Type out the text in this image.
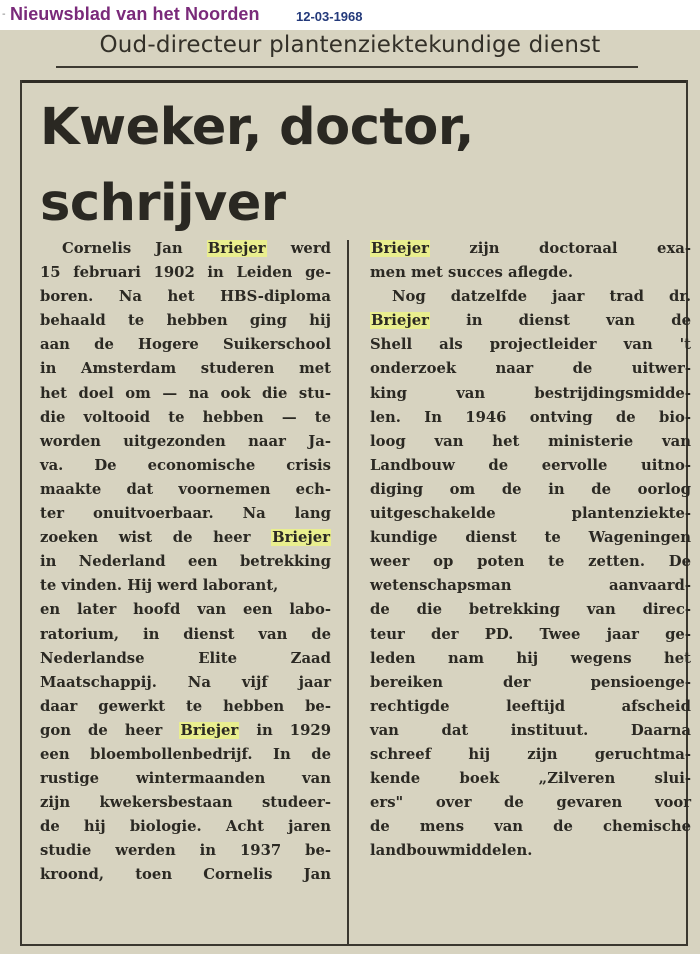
- Nieuwsblad van het Noorden	12-03-1968
Oud-directeur plantenziektekundige dienst
Kweker, doctor,
schrijver
Cornelis Jan Briejer werd
15 februari 1902 in Leiden ge-
boren. Na het HBS-diploma
behaald te hebben ging hij
aan de Hogere Suikerschool
in Amsterdam studeren met
het doel om — na ook die stu-
die voltooid te hebben — te
worden uitgezonden naar Ja-
va. De economische crisis
maakte dat voornemen ech-
ter onuitvoerbaar. Na lang
zoeken wist de heer Briejer
in Nederland een betrekking
te vinden. Hij werd laborant,
en later hoofd van een labo-
ratorium, in dienst van de
Nederlandse Elite Zaad
Maatschappij. Na vijf jaar
daar gewerkt te hebben be-
gon de heer Briejer in 1929
een bloembollenbedrijf. In de
rustige wintermaanden van
zijn kwekersbestaan studeer-
de hij biologie. Acht jaren
studie werden in 1937 be-
kroond, toen Cornelis Jan
Briejer zijn doctoraal exa-
men met succes aflegde.
Nog datzelfde jaar trad dr.
Briejer in dienst van de
Shell als projectleider van 't
onderzoek naar de uitwer-
king van bestrijdingsmidde-
len. In 1946 ontving de bio-
loog van het ministerie van
Landbouw de eervolle uitno-
diging om de in de oorlog
uitgeschakelde plantenziekte-
kundige dienst te Wageningen
weer op poten te zetten. De
wetenschapsman aanvaard-
de die betrekking van direc-
teur der PD. Twee jaar ge-
leden nam hij wegens het
bereiken der pensioenge-
rechtigde leeftijd afscheid
van dat instituut. Daarna
schreef hij zijn geruchtma-
kende boek „Zilveren slui-
ers" over de gevaren voor
de mens van de chemische
landbouwmiddelen.
